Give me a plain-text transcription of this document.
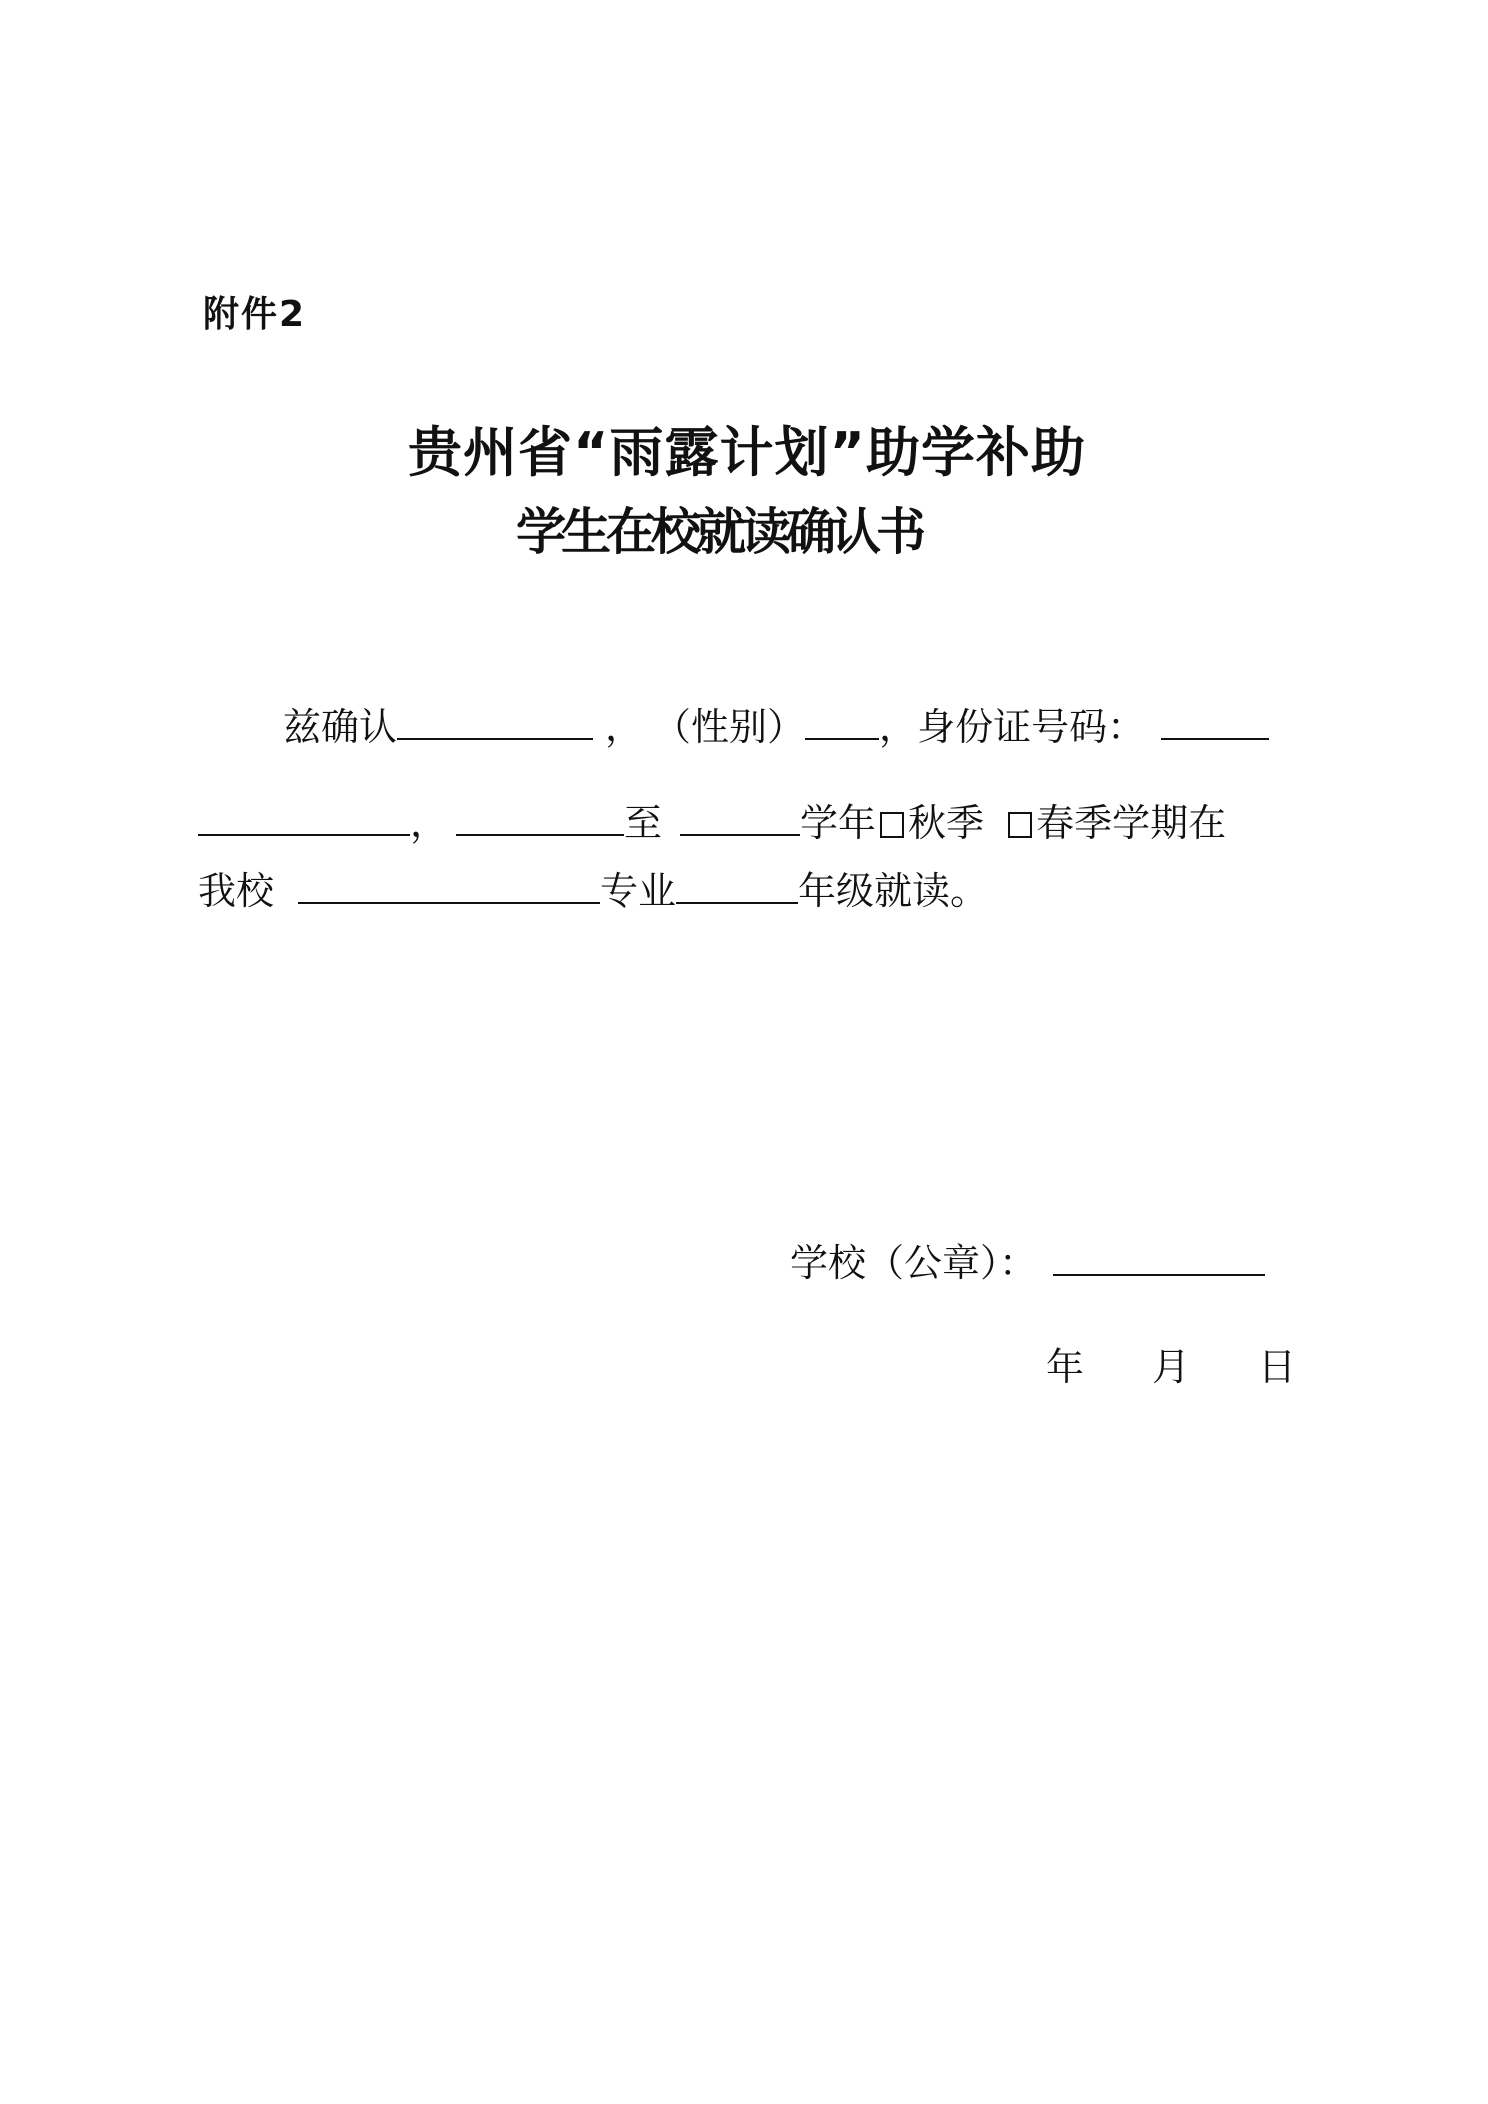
附件2
贵州省“雨露计划”助学补助
学生在校就读确认书
兹确认	， （性别） ，身份证号码：
，	至	学年 秋季 春季学期在
我校	专业	年级就读。
学校（公章）：
年 月 日
